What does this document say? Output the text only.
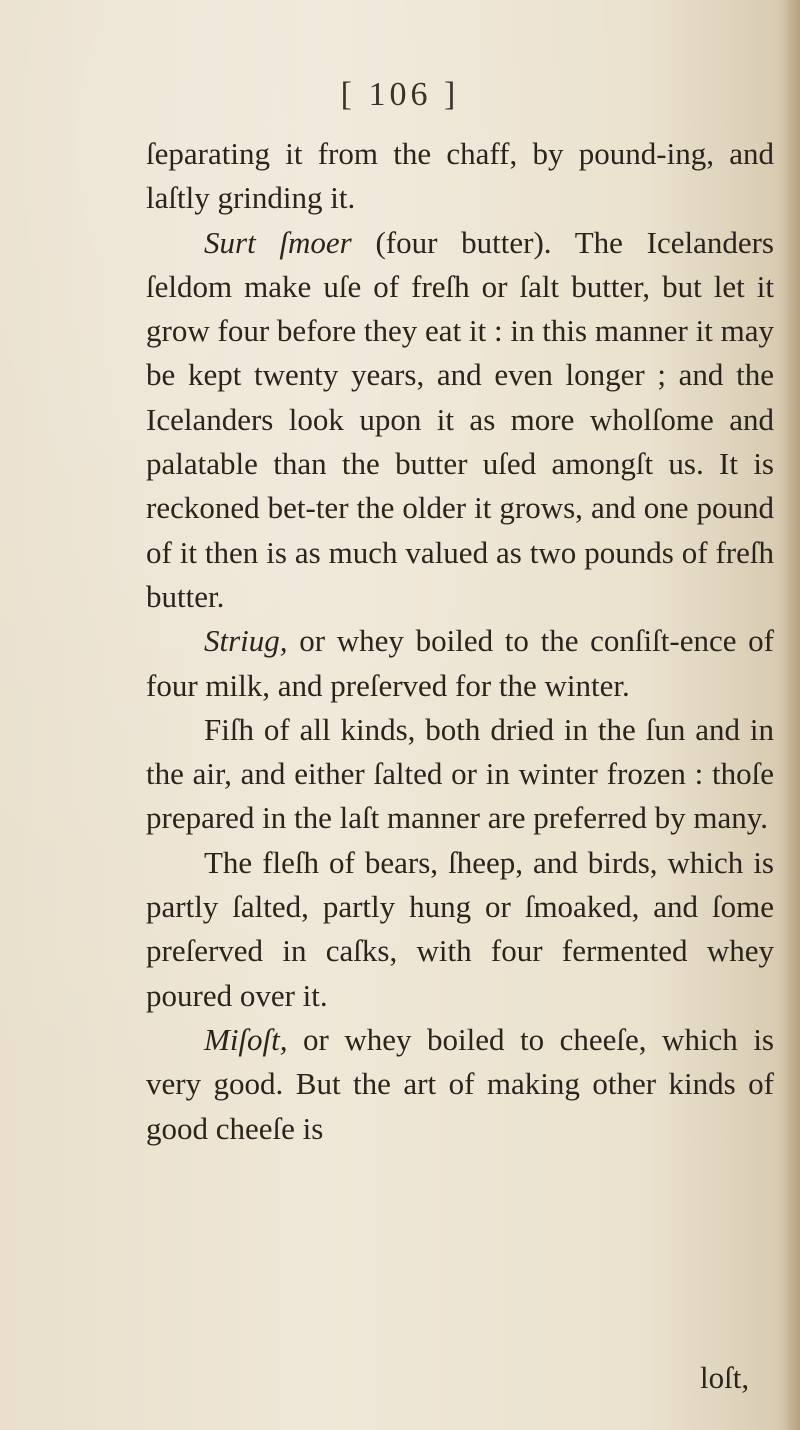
[ 106 ]

ſeparating it from the chaff, by pound-ing, and laſtly grinding it.

Surt ſmoer (four butter). The Icelanders ſeldom make uſe of freſh or ſalt butter, but let it grow four before they eat it : in this manner it may be kept twenty years, and even longer ; and the Icelanders look upon it as more wholſome and palatable than the butter uſed amongſt us. It is reckoned bet-ter the older it grows, and one pound of it then is as much valued as two pounds of freſh butter.

Striug, or whey boiled to the conſiſt-ence of four milk, and preſerved for the winter.

Fiſh of all kinds, both dried in the ſun and in the air, and either ſalted or in winter frozen : thoſe prepared in the laſt manner are preferred by many.

The fleſh of bears, ſheep, and birds, which is partly ſalted, partly hung or ſmoaked, and ſome preſerved in caſks, with four fermented whey poured over it.

Miſoſt, or whey boiled to cheeſe, which is very good. But the art of making other kinds of good cheeſe is

loſt,
